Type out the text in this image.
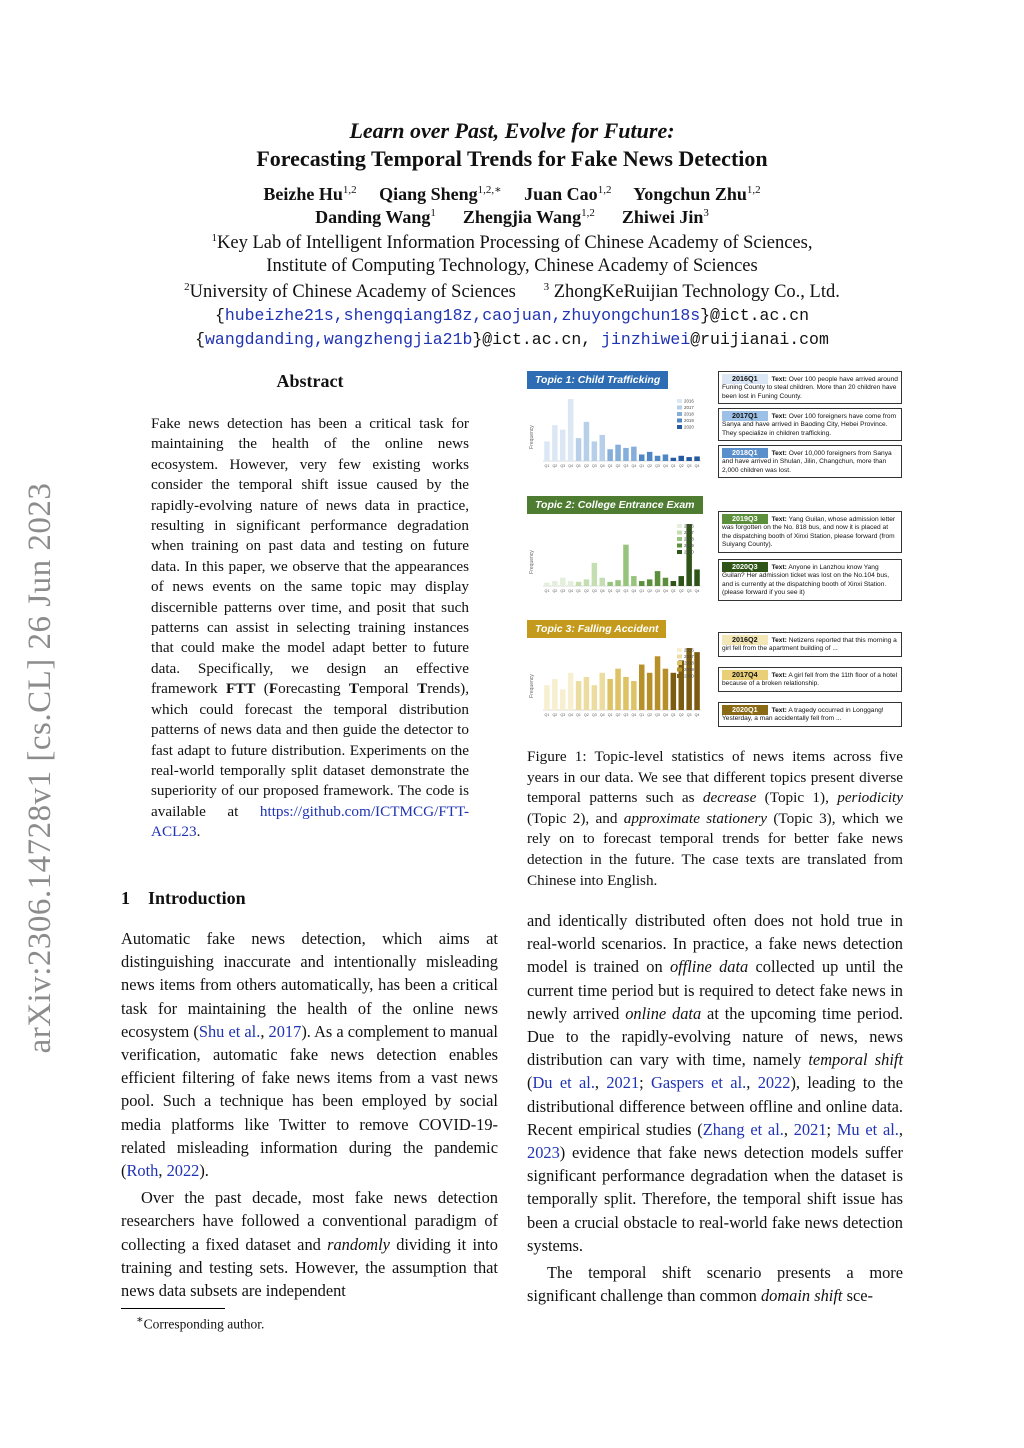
arXiv:2306.14728v1 [cs.CL] 26 Jun 2023
Learn over Past, Evolve for Future:
Forecasting Temporal Trends for Fake News Detection
Beizhe Hu$^{1,2}$ Qiang Sheng$^{1,2,∗}$ Juan Cao$^{1,2}$ Yongchun Zhu$^{1,2}$
Danding Wang$^1$ Zhengjia Wang$^{1,2}$ Zhiwei Jin$^3$
$^1$Key Lab of Intelligent Information Processing of Chinese Academy of Sciences,
Institute of Computing Technology, Chinese Academy of Sciences
$^2$University of Chinese Academy of Sciences	$^3$ ZhongKeRuijian Technology Co., Ltd.
{hubeizhe21s,shengqiang18z,caojuan,zhuyongchun18s}@ict.ac.cn
{wangdanding,wangzhengjia21b}@ict.ac.cn, jinzhiwei@ruijianai.com
Abstract
Fake news detection has been a critical task for maintaining the health of the online news ecosystem. However, very few existing works consider the temporal shift issue caused by the rapidly-evolving nature of news data in practice, resulting in significant performance degradation when training on past data and testing on future data. In this paper, we observe that the appearances of news events on the same topic may display discernible patterns over time, and posit that such patterns can assist in selecting training instances that could make the model adapt better to future data. Specifically, we design an effective framework FTT (Forecasting Temporal Trends), which could forecast the temporal distribution patterns of news data and then guide the detector to fast adapt to future distribution. Experiments on the real-world temporally split dataset demonstrate the superiority of our proposed framework. The code is available at https://github.com/ICTMCG/FTT-ACL23.
1 Introduction

Automatic fake news detection, which aims at distinguishing inaccurate and intentionally misleading news items from others automatically, has been a critical task for maintaining the health of the online news ecosystem (Shu et al., 2017). As a complement to manual verification, automatic fake news detection enables efficient filtering of fake news items from a vast news pool. Such a technique has been employed by social media platforms like Twitter to remove COVID-19-related misleading information during the pandemic (Roth, 2022).

Over the past decade, most fake news detection researchers have followed a conventional paradigm of collecting a fixed dataset and randomly dividing it into training and testing sets. However, the assumption that news data subsets are independent

∗Corresponding author.
Topic 1: Child Trafficking
Frequency
Q1 Q2 Q3 Q4 Q1 Q2 Q3 Q4 Q1 Q2 Q3 Q4 Q1 Q2 Q3 Q4 Q1 Q2 Q3 Q4
2016
2017
2018
2019
2020
2016Q1 Text: Over 100 people have arrived around Funing County to steal children. More than 20 children have been lost in Funing County.
2017Q1 Text: Over 100 foreigners have come from Sanya and have arrived in Baoding City, Hebei Province. They specialize in children trafficking.
2018Q1 Text: Over 10,000 foreigners from Sanya and have arrived in Shulan, Jilin, Changchun, more than 2,000 children was lost.
Topic 2: College Entrance Exam
Frequency
Q1 Q2 Q3 Q4 Q1 Q2 Q3 Q4 Q1 Q2 Q3 Q4 Q1 Q2 Q3 Q4 Q1 Q2 Q3 Q4
2016
2017
2018
2019
2020
2019Q3 Text: Yang Guilan, whose admission letter was forgotten on the No. 818 bus, and now it is placed at the dispatching booth of Xinxi Station, please forward (from Suiyang County).
2020Q3 Text: Anyone in Lanzhou know Yang Guilan? Her admission ticket was lost on the No.104 bus, and is currently at the dispatching booth of Xinxi Station. (please forward if you see it)
Topic 3: Falling Accident
Frequency
Q1 Q2 Q3 Q4 Q1 Q2 Q3 Q4 Q1 Q2 Q3 Q4 Q1 Q2 Q3 Q4 Q1 Q2 Q3 Q4
2016
2017
2018
2019
2020
2016Q2 Text: Netizens reported that this morning a girl fell from the apartment building of ...
2017Q4 Text: A girl fell from the 11th floor of a hotel because of a broken relationship.
2020Q1 Text: A tragedy occurred in Longgang! Yesterday, a man accidentally fell from ...
Figure 1: Topic-level statistics of news items across five years in our data. We see that different topics present diverse temporal patterns such as decrease (Topic 1), periodicity (Topic 2), and approximate stationery (Topic 3), which we rely on to forecast temporal trends for better fake news detection in the future. The case texts are translated from Chinese into English.

and identically distributed often does not hold true in real-world scenarios. In practice, a fake news detection model is trained on offline data collected up until the current time period but is required to detect fake news in newly arrived online data at the upcoming time period. Due to the rapidly-evolving nature of news, news distribution can vary with time, namely temporal shift (Du et al., 2021; Gaspers et al., 2022), leading to the distributional difference between offline and online data. Recent empirical studies (Zhang et al., 2021; Mu et al., 2023) evidence that fake news detection models suffer significant performance degradation when the dataset is temporally split. Therefore, the temporal shift issue has been a crucial obstacle to real-world fake news detection systems.

The temporal shift scenario presents a more significant challenge than common domain shift sce-
